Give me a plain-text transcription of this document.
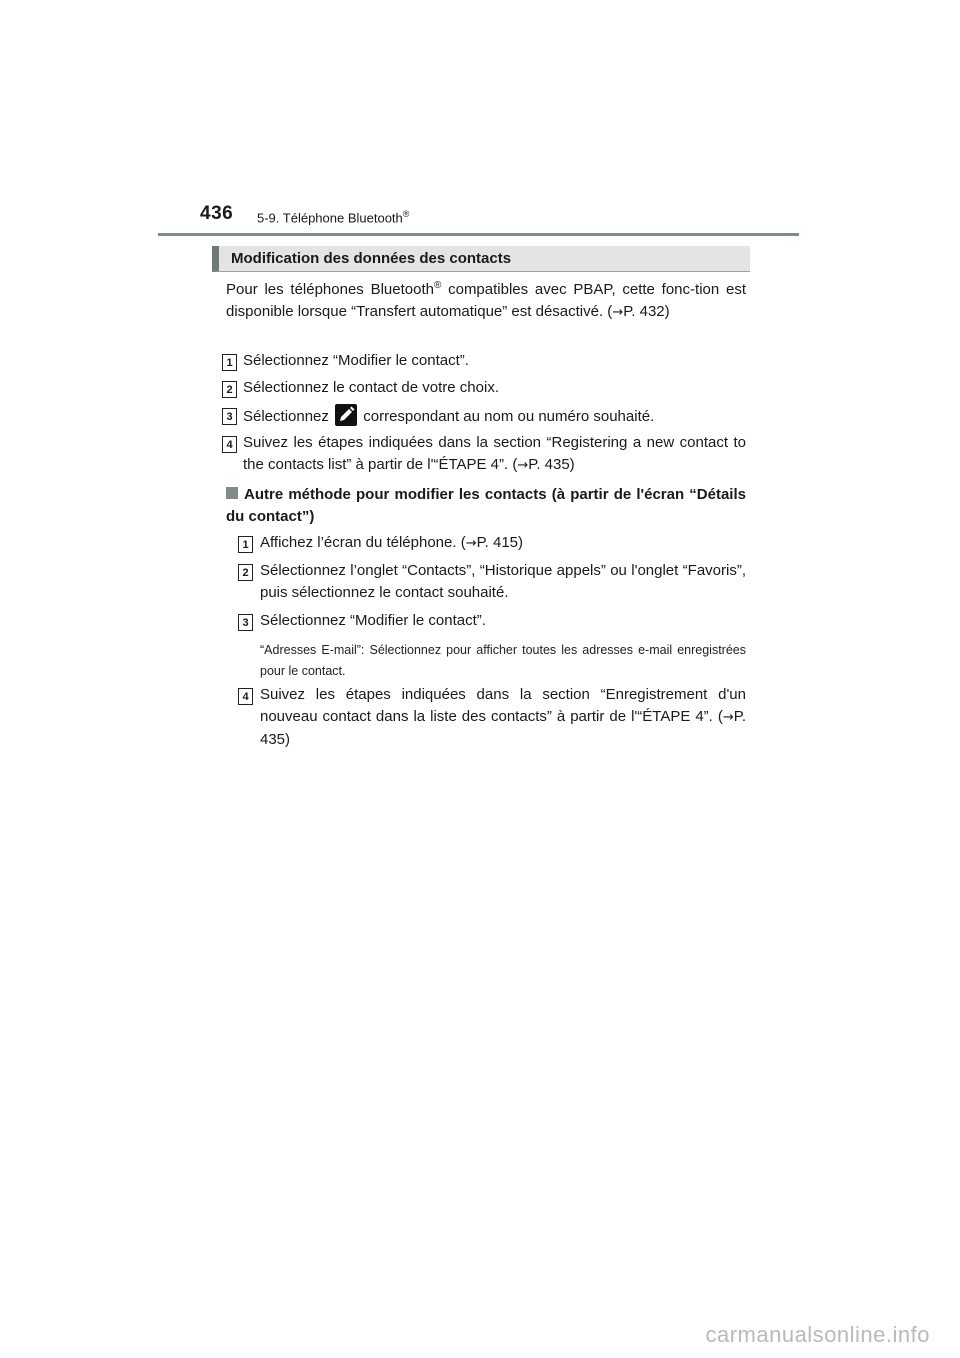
436 5-9. Téléphone Bluetooth®
Modification des données des contacts
Pour les téléphones Bluetooth® compatibles avec PBAP, cette fonc-tion est disponible lorsque “Transfert automatique” est désactivé. (→P. 432)
1 Sélectionnez “Modifier le contact”.
2 Sélectionnez le contact de votre choix.
3 Sélectionnez
correspondant au nom ou numéro souhaité.
4 Suivez les étapes indiquées dans la section “Registering a new contact to the contacts list” à partir de l'“ÉTAPE 4”. (→P. 435)
Autre méthode pour modifier les contacts (à partir de l'écran “Détails du contact”)
1 Affichez l’écran du téléphone. (→P. 415)
2 Sélectionnez l’onglet “Contacts”, “Historique appels” ou l'onglet “Favoris”, puis sélectionnez le contact souhaité.
3 Sélectionnez “Modifier le contact”.
“Adresses E-mail”: Sélectionnez pour afficher toutes les adresses e-mail enregistrées pour le contact.
4 Suivez les étapes indiquées dans la section “Enregistrement d'un nouveau contact dans la liste des contacts” à partir de l'“ÉTAPE 4”. (→P. 435)
carmanualsonline.info
